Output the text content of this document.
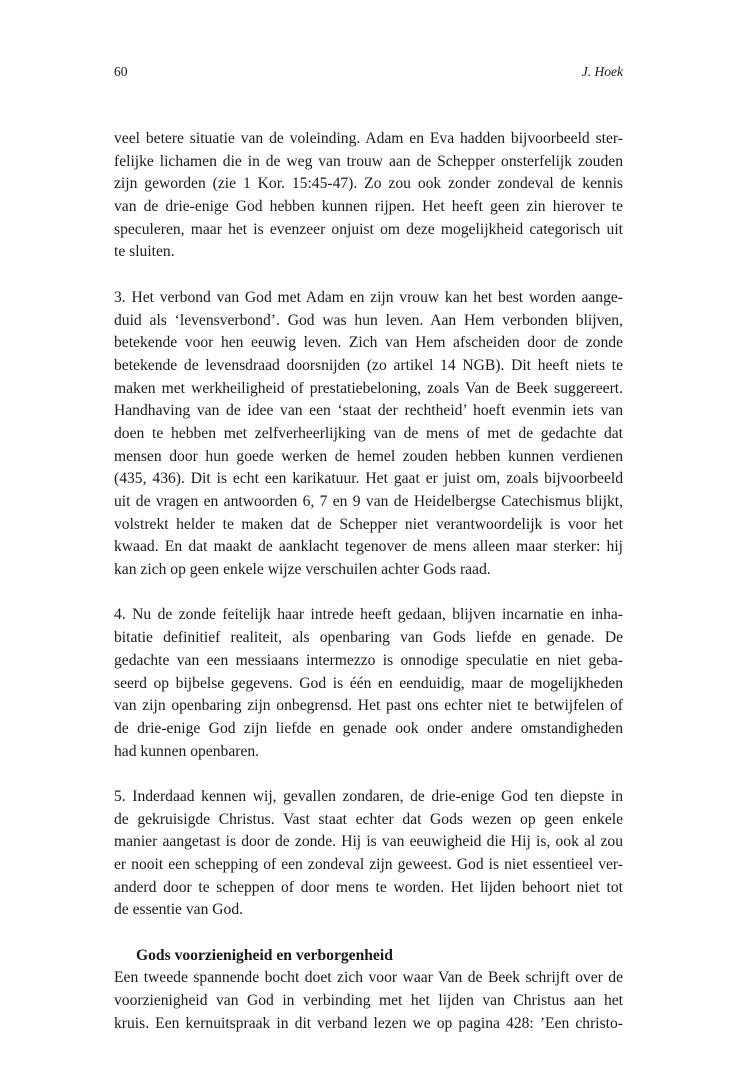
60	J. Hoek
veel betere situatie van de voleinding. Adam en Eva hadden bijvoorbeeld ster-
felijke lichamen die in de weg van trouw aan de Schepper onsterfelijk zouden
zijn geworden (zie 1 Kor. 15:45-47). Zo zou ook zonder zondeval de kennis
van de drie-enige God hebben kunnen rijpen. Het heeft geen zin hierover te
speculeren, maar het is evenzeer onjuist om deze mogelijkheid categorisch uit
te sluiten.
3. Het verbond van God met Adam en zijn vrouw kan het best worden aange-
duid als ‘levensverbond’. God was hun leven. Aan Hem verbonden blijven,
betekende voor hen eeuwig leven. Zich van Hem afscheiden door de zonde
betekende de levensdraad doorsnijden (zo artikel 14 NGB). Dit heeft niets te
maken met werkheiligheid of prestatiebeloning, zoals Van de Beek suggereert.
Handhaving van de idee van een ‘staat der rechtheid’ hoeft evenmin iets van
doen te hebben met zelfverheerlijking van de mens of met de gedachte dat
mensen door hun goede werken de hemel zouden hebben kunnen verdienen
(435, 436). Dit is echt een karikatuur. Het gaat er juist om, zoals bijvoorbeeld
uit de vragen en antwoorden 6, 7 en 9 van de Heidelbergse Catechismus blijkt,
volstrekt helder te maken dat de Schepper niet verantwoordelijk is voor het
kwaad. En dat maakt de aanklacht tegenover de mens alleen maar sterker: hij
kan zich op geen enkele wijze verschuilen achter Gods raad.
4. Nu de zonde feitelijk haar intrede heeft gedaan, blijven incarnatie en inha-
bitatie definitief realiteit, als openbaring van Gods liefde en genade. De
gedachte van een messiaans intermezzo is onnodige speculatie en niet geba-
seerd op bijbelse gegevens. God is één en eenduidig, maar de mogelijkheden
van zijn openbaring zijn onbegrensd. Het past ons echter niet te betwijfelen of
de drie-enige God zijn liefde en genade ook onder andere omstandigheden
had kunnen openbaren.
5. Inderdaad kennen wij, gevallen zondaren, de drie-enige God ten diepste in
de gekruisigde Christus. Vast staat echter dat Gods wezen op geen enkele
manier aangetast is door de zonde. Hij is van eeuwigheid die Hij is, ook al zou
er nooit een schepping of een zondeval zijn geweest. God is niet essentieel ver-
anderd door te scheppen of door mens te worden. Het lijden behoort niet tot
de essentie van God.
Gods voorzienigheid en verborgenheid
Een tweede spannende bocht doet zich voor waar Van de Beek schrijft over de
voorzienigheid van God in verbinding met het lijden van Christus aan het
kruis. Een kernuitspraak in dit verband lezen we op pagina 428: ’Een christo-
